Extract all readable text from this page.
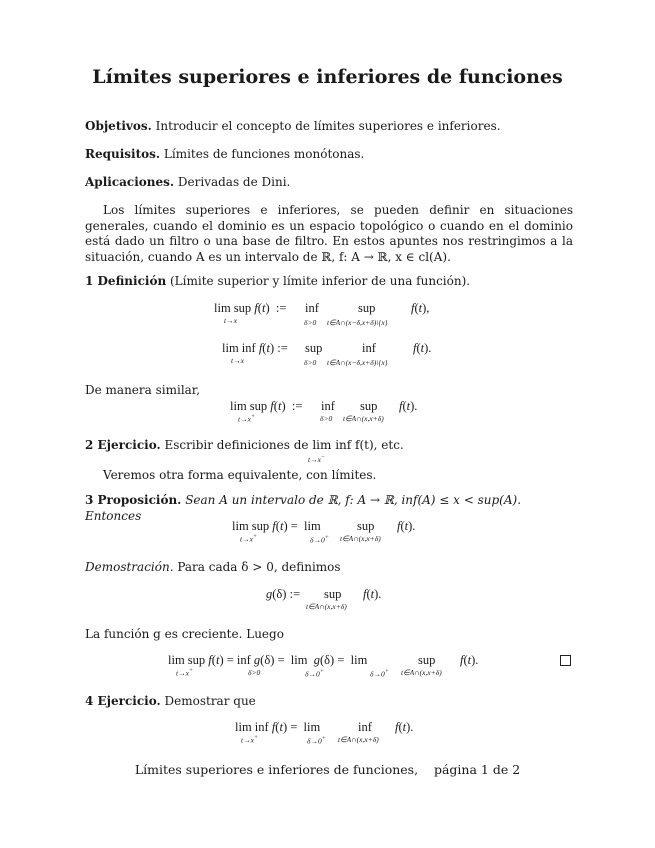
Límites superiores e inferiores de funciones
Objetivos. Introducir el concepto de límites superiores e inferiores.
Requisitos. Límites de funciones monótonas.
Aplicaciones. Derivadas de Dini.
Los límites superiores e inferiores, se pueden definir en situaciones generales, cuando el dominio es un espacio topológico o cuando en el dominio está dado un filtro o una base de filtro. En estos apuntes nos restringimos a la situación, cuando A es un intervalo de ℝ, f: A → ℝ, x ∈ cl(A).
1 Definición (Límite superior y límite inferior de una función).
lim sup f(t)  :=
t→x
inf
δ>0
sup
t∈A∩(x−δ,x+δ)\{x}
f(t),
lim inf f(t) :=
t→x
sup
δ>0
inf
t∈A∩(x−δ,x+δ)\{x}
f(t).
De manera similar,
lim sup f(t)  :=
t→x+
inf
δ>0
sup
t∈A∩(x,x+δ)
f(t).
2 Ejercicio. Escribir definiciones de lim inf f(t), etc.
t→x−
Veremos otra forma equivalente, con límites.
3 Proposición. Sean A un intervalo de ℝ, f: A → ℝ, inf(A) ≤ x < sup(A). Entonces
lim sup f(t) =  lim
t→x+	δ→0+
sup
t∈A∩(x,x+δ)
f(t).
Demostración. Para cada δ > 0, definimos
g(δ) := sup
t∈A∩(x,x+δ)
f(t).
La función g es creciente. Luego
lim sup f(t) = inf g(δ) =  lim  g(δ) =  lim
t→x+	δ>0	δ→0+	δ→0+
sup
t∈A∩(x,x+δ)
f(t).
4 Ejercicio. Demostrar que
lim inf f(t) =  lim
t→x+	δ→0+
inf
t∈A∩(x,x+δ)
f(t).
Límites superiores e inferiores de funciones,    página 1 de 2
